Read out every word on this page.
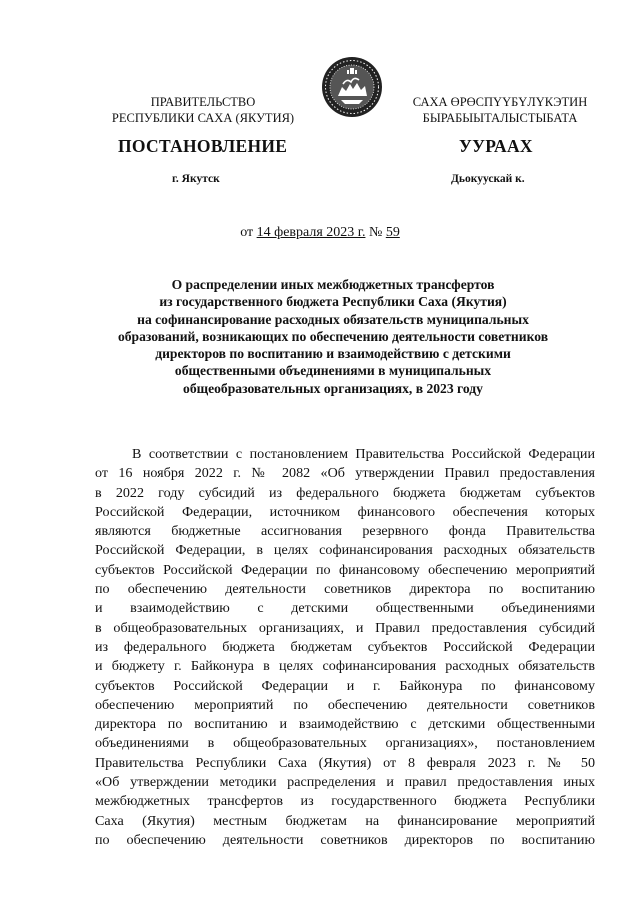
ПРАВИТЕЛЬСТВО
РЕСПУБЛИКИ САХА (ЯКУТИЯ)
САХА ӨРӨСПҮҮБҮЛҮКЭТИН
БЫРАБЫЫТАЛЫСТЫБАТА
ПОСТАНОВЛЕНИЕ	УУРААХ
г. Якутск	Дьокуускай к.
от 14 февраля 2023 г. № 59
О распределении иных межбюджетных трансфертов
из государственного бюджета Республики Саха (Якутия)
на софинансирование расходных обязательств муниципальных
образований, возникающих по обеспечению деятельности советников
директоров по воспитанию и взаимодействию с детскими
общественными объединениями в муниципальных
общеобразовательных организациях, в 2023 году
В соответствии с постановлением Правительства Российской Федерации
от 16 ноября 2022 г. № 2082 «Об утверждении Правил предоставления
в 2022 году субсидий из федерального бюджета бюджетам субъектов
Российской Федерации, источником финансового обеспечения которых
являются бюджетные ассигнования резервного фонда Правительства
Российской Федерации, в целях софинансирования расходных обязательств
субъектов Российской Федерации по финансовому обеспечению мероприятий
по обеспечению деятельности советников директора по воспитанию
и взаимодействию с детскими общественными объединениями
в общеобразовательных организациях, и Правил предоставления субсидий
из федерального бюджета бюджетам субъектов Российской Федерации
и бюджету г. Байконура в целях софинансирования расходных обязательств
субъектов Российской Федерации и г. Байконура по финансовому
обеспечению мероприятий по обеспечению деятельности советников
директора по воспитанию и взаимодействию с детскими общественными
объединениями в общеобразовательных организациях», постановлением
Правительства Республики Саха (Якутия) от 8 февраля 2023 г. № 50
«Об утверждении методики распределения и правил предоставления иных
межбюджетных трансфертов из государственного бюджета Республики
Саха (Якутия) местным бюджетам на финансирование мероприятий
по обеспечению деятельности советников директоров по воспитанию
